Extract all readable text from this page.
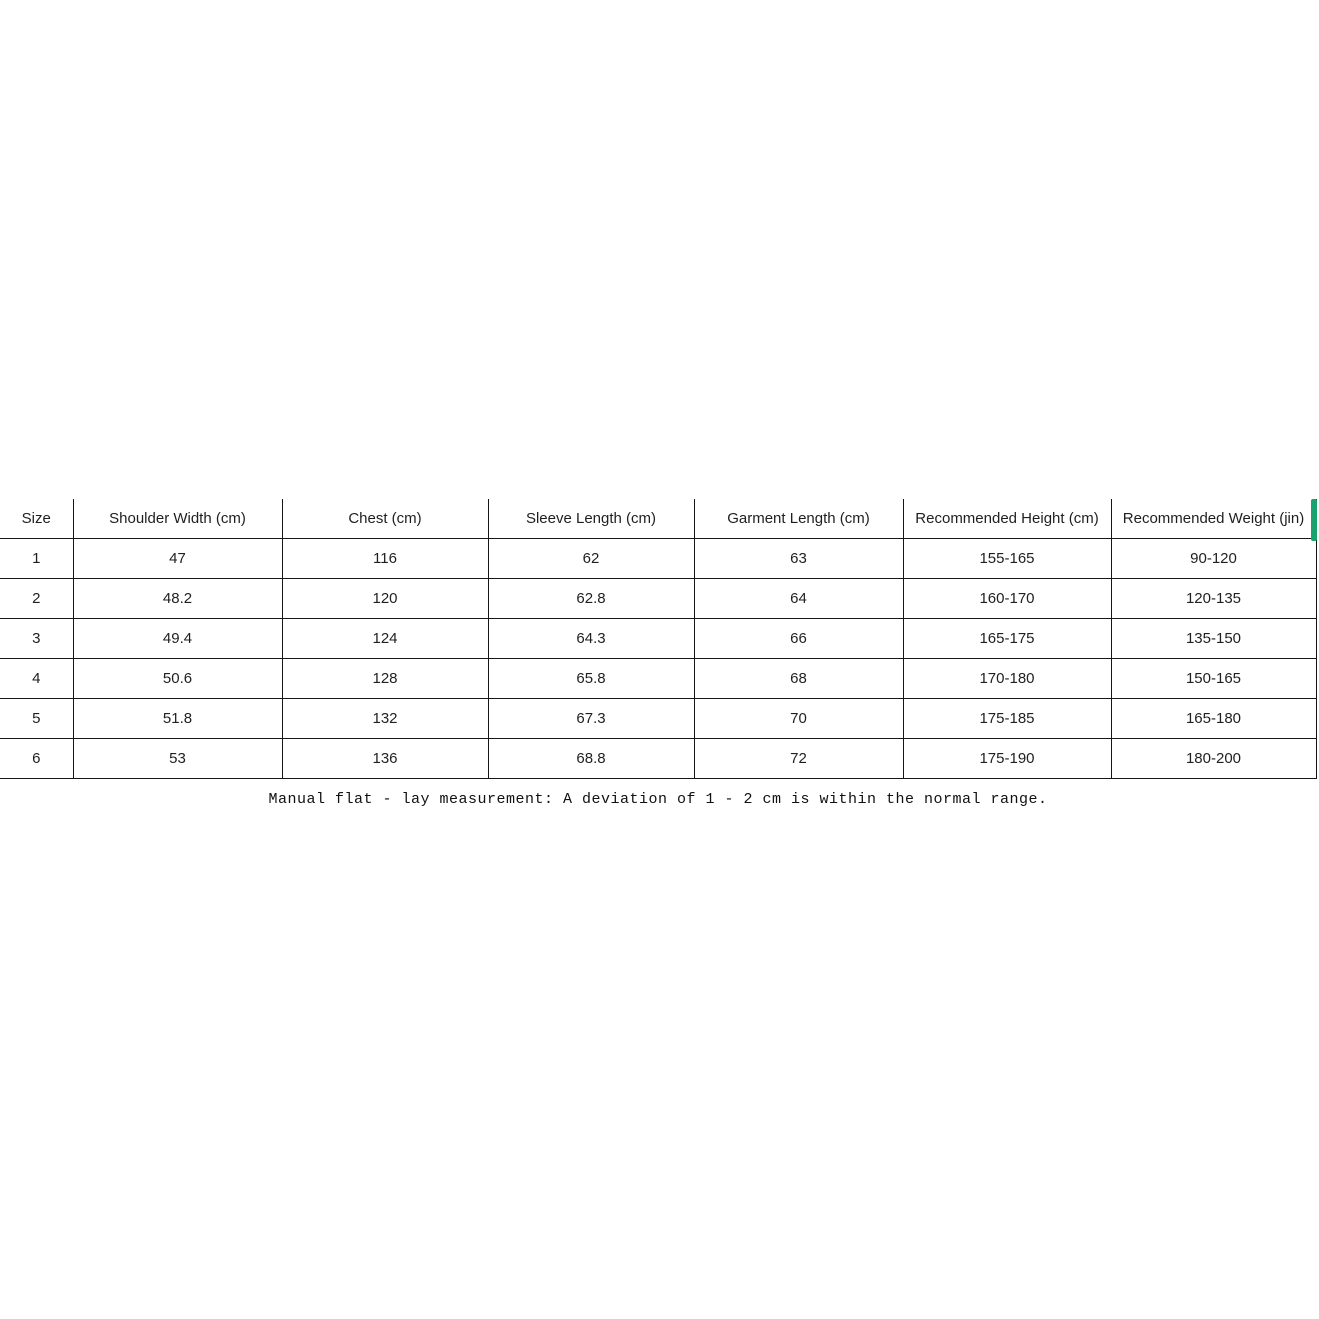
Size	Shoulder Width (cm)	Chest (cm)	Sleeve Length (cm)	Garment Length (cm)	Recommended Height (cm)	Recommended Weight (jin)
1	47	116	62	63	155-165	90-120
2	48.2	120	62.8	64	160-170	120-135
3	49.4	124	64.3	66	165-175	135-150
4	50.6	128	65.8	68	170-180	150-165
5	51.8	132	67.3	70	175-185	165-180
6	53	136	68.8	72	175-190	180-200
Manual flat - lay measurement: A deviation of 1 - 2 cm is within the normal range.
